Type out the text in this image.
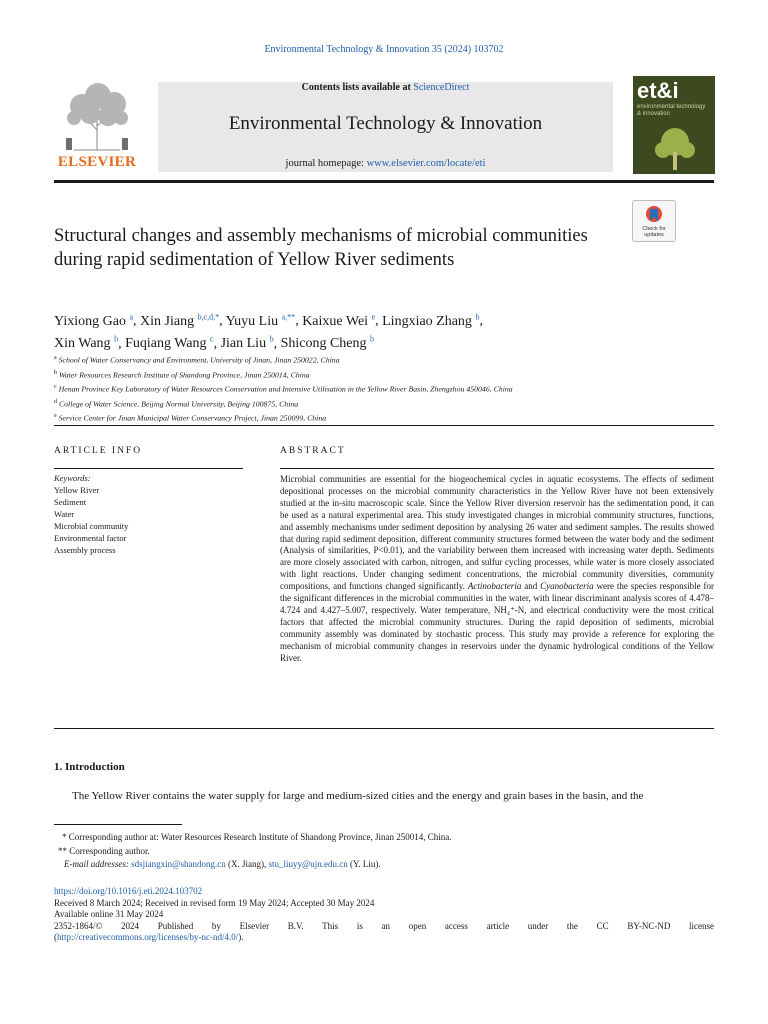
Environmental Technology & Innovation 35 (2024) 103702
ELSEVIER
Contents lists available at ScienceDirect
Environmental Technology & Innovation
journal homepage: www.elsevier.com/locate/eti
et&i
environmental technology & innovation
Structural changes and assembly mechanisms of microbial communities during rapid sedimentation of Yellow River sediments
Check for updates
Yixiong Gao $^a$, Xin Jiang $^{b,c,d,*}$, Yuyu Liu $^{a,**}$, Kaixue Wei $^e$, Lingxiao Zhang $^b$,
Xin Wang $^b$, Fuqiang Wang $^c$, Jian Liu $^b$, Shicong Cheng $^b$
$^a$ School of Water Conservancy and Environment, University of Jinan, Jinan 250022, China
$^b$ Water Resources Research Institute of Shandong Province, Jinan 250014, China
$^c$ Henan Province Key Laboratory of Water Resources Conservation and Intensive Utilisation in the Yellow River Basin, Zhengzhou 450046, China
$^d$ College of Water Science, Beijing Normal University, Beijing 100875, China
$^e$ Service Center for Jinan Municipal Water Conservancy Project, Jinan 250099, China
ARTICLE INFO	ABSTRACT
Keywords:
Yellow River
Sediment
Water
Microbial community
Environmental factor
Assembly process
Microbial communities are essential for the biogeochemical cycles in aquatic ecosystems. The effects of sediment depositional processes on the microbial community characteristics in the Yellow River have not been extensively studied at the in-situ macroscopic scale. Since the Yellow River diversion reservoir has the sedimentation pond, it can be used as a natural experimental area. This study investigated changes in microbial community structures, functions, and assembly mechanisms under sediment deposition by analysing 26 water and sediment samples. The results showed that during rapid sediment deposition, different community structures formed between the water body and the sediment (Analysis of similarities, P<0.01), and the variability between them increased with increasing water depth. Sediments are more closely associated with carbon, nitrogen, and sulfur cycling processes, while water is more closely associated with light reactions. Under changing sediment concentrations, the microbial community diversities, community compositions, and functions changed significantly. Actinobacteria and Cyanobacteria were the species responsible for the significant differences in the microbial communities in the water, with linear discriminant analysis scores of 4.478–4.724 and 4.427–5.007, respectively. Water temperature, NH₄⁺-N, and electrical conductivity were the most critical factors that affected the microbial community structures. During the rapid deposition of sediments, microbial community assembly was dominated by stochastic process. This study may provide a reference for exploring the mechanism of microbial community changes in reservoirs under the dynamic hydrological conditions of the Yellow River.
1. Introduction
The Yellow River contains the water supply for large and medium-sized cities and the energy and grain bases in the basin, and the
* Corresponding author at: Water Resources Research Institute of Shandong Province, Jinan 250014, China.
** Corresponding author.
E-mail addresses: sdsjiangxin@shandong.cn (X. Jiang), stu_liuyy@ujn.edu.cn (Y. Liu).
https://doi.org/10.1016/j.eti.2024.103702
Received 8 March 2024; Received in revised form 19 May 2024; Accepted 30 May 2024
Available online 31 May 2024
2352-1864/© 2024 Published by Elsevier B.V. This is an open access article under the CC BY-NC-ND license
(http://creativecommons.org/licenses/by-nc-nd/4.0/).
